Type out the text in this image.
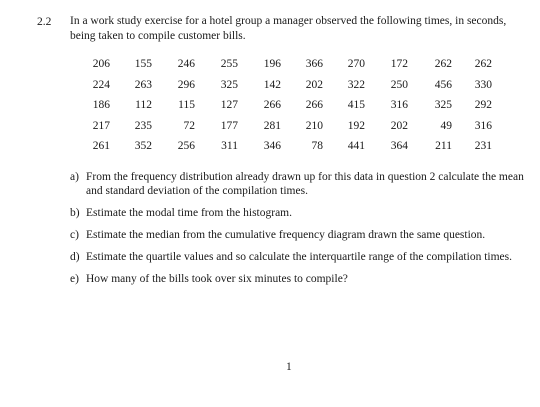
2.2 In a work study exercise for a hotel group a manager observed the following times, in seconds, being taken to compile customer bills.
206	155	246	255	196	366	270	172	262	262
224	263	296	325	142	202	322	250	456	330
186	112	115	127	266	266	415	316	325	292
217	235	72	177	281	210	192	202	49	316
261	352	256	311	346	78	441	364	211	231
a) From the frequency distribution already drawn up for this data in question 2 calculate the mean and standard deviation of the compilation times.
b) Estimate the modal time from the histogram.
c) Estimate the median from the cumulative frequency diagram drawn the same question.
d) Estimate the quartile values and so calculate the interquartile range of the compilation times.
e) How many of the bills took over six minutes to compile?
1
